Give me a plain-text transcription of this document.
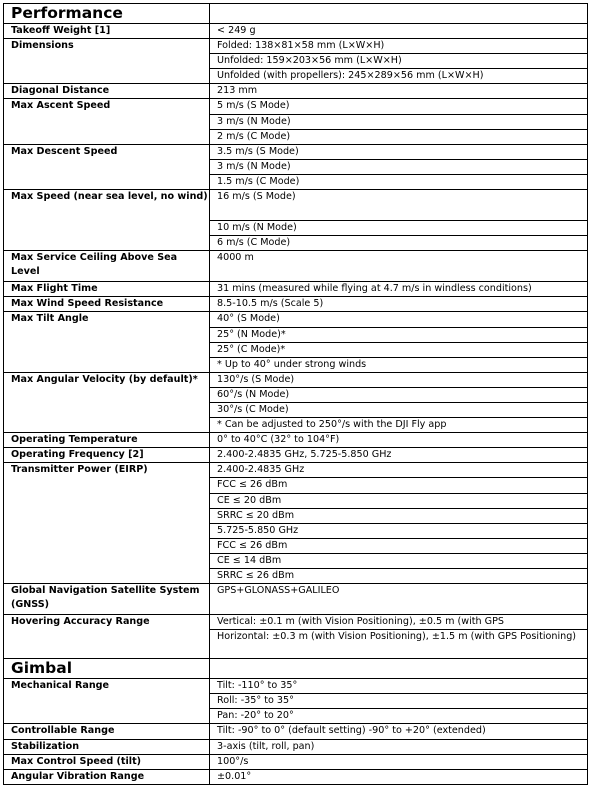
Performance	
Takeoff Weight [1]	< 249 g
Dimensions	Folded: 138×81×58 mm (L×W×H)
	Unfolded: 159×203×56 mm (L×W×H)
	Unfolded (with propellers): 245×289×56 mm (L×W×H)
Diagonal Distance	213 mm
Max Ascent Speed	5 m/s (S Mode)
	3 m/s (N Mode)
	2 m/s (C Mode)
Max Descent Speed	3.5 m/s (S Mode)
	3 m/s (N Mode)
	1.5 m/s (C Mode)
Max Speed (near sea level, no wind)	16 m/s (S Mode)
	10 m/s (N Mode)
	6 m/s (C Mode)
Max Service Ceiling Above Sea Level	4000 m
Max Flight Time	31 mins (measured while flying at 4.7 m/s in windless conditions)
Max Wind Speed Resistance	8.5-10.5 m/s (Scale 5)
Max Tilt Angle	40° (S Mode)
	25° (N Mode)*
	25° (C Mode)*
	* Up to 40° under strong winds
Max Angular Velocity (by default)*	130°/s (S Mode)
	60°/s (N Mode)
	30°/s (C Mode)
	* Can be adjusted to 250°/s with the DJI Fly app
Operating Temperature	0° to 40°C (32° to 104°F)
Operating Frequency [2]	2.400-2.4835 GHz, 5.725-5.850 GHz
Transmitter Power (EIRP)	2.400-2.4835 GHz
	FCC ≤ 26 dBm
	CE ≤ 20 dBm
	SRRC ≤ 20 dBm
	5.725-5.850 GHz
	FCC ≤ 26 dBm
	CE ≤ 14 dBm
	SRRC ≤ 26 dBm
Global Navigation Satellite System (GNSS)	GPS+GLONASS+GALILEO
Hovering Accuracy Range	Vertical: ±0.1 m (with Vision Positioning), ±0.5 m (with GPS
	Horizontal: ±0.3 m (with Vision Positioning), ±1.5 m (with GPS Positioning)
Gimbal	
Mechanical Range	Tilt: -110° to 35°
	Roll: -35° to 35°
	Pan: -20° to 20°
Controllable Range	Tilt: -90° to 0° (default setting) -90° to +20° (extended)
Stabilization	3-axis (tilt, roll, pan)
Max Control Speed (tilt)	100°/s
Angular Vibration Range	±0.01°
